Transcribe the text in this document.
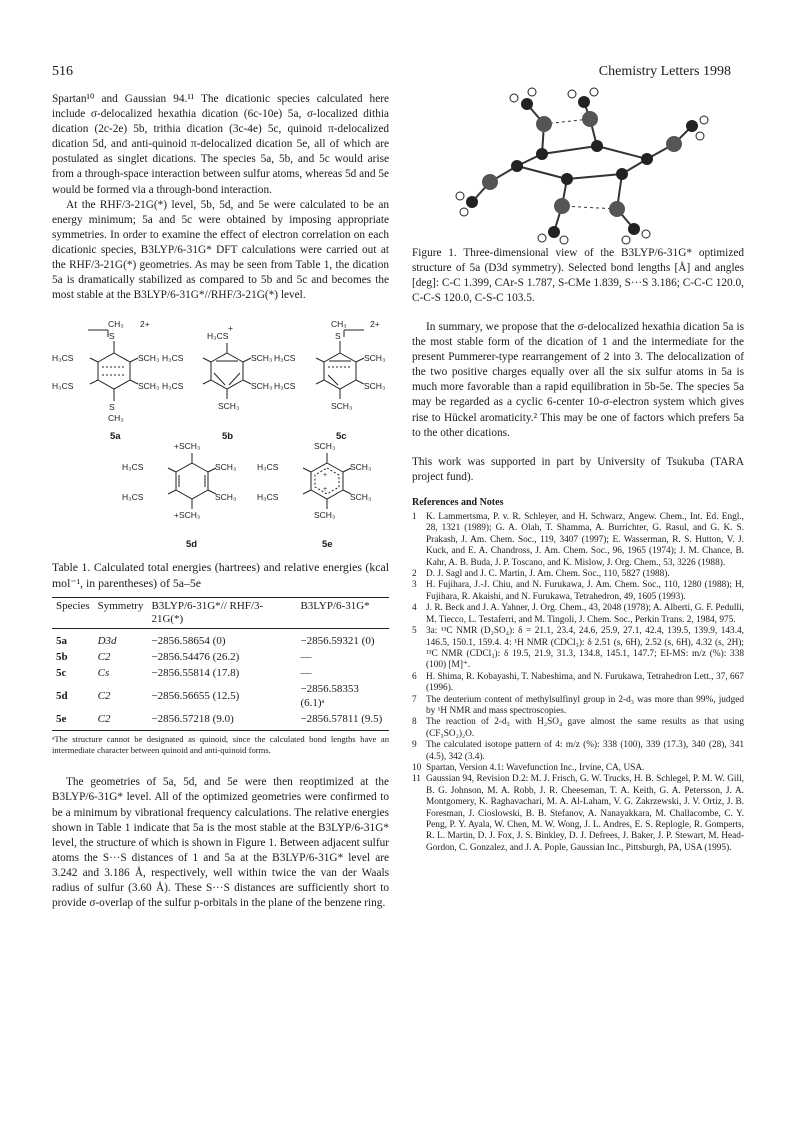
516	Chemistry Letters 1998

Spartan¹⁰ and Gaussian 94.¹¹ The dicationic species calculated here include σ-delocalized hexathia dication (6c-10e) 5a, σ-localized dithia dication (2c-2e) 5b, trithia dication (3c-4e) 5c, quinoid π-delocalized dication 5d, and anti-quinoid π-delocalized dication 5e, all of which are postulated as singlet dications. The species 5a, 5b, and 5c would arise from a through-space interaction between sulfur atoms, whereas 5d and 5e would be formed via a through-bond interaction.

At the RHF/3-21G(*) level, 5b, 5d, and 5e were calculated to be an energy minimum; 5a and 5c were obtained by imposing appropriate symmetries. In order to examine the effect of electron correlation on each dicationic species, B3LYP/6-31G* DFT calculations were carried out at the RHF/3-21G(*) geometries. As may be seen from Table 1, the dication 5a is dramatically stabilized as compared to 5b and 5c and becomes the most stable at the B3LYP/6-31G*//RHF/3-21G(*) level.

CH₃
S
2+
H₃CS	SCH₃
H₃CS	SCH₃
S
CH₃
H₃CS
+
H₃CS	SCH₃
H₃CS	SCH₃
SCH₃
CH₃	2+
S
H₃CS	SCH₃
H₃CS	SCH₃
SCH₃
+SCH₃
H₃CS	SCH₃
H₃CS	SCH₃
+SCH₃
SCH₃
H₃CS	SCH₃
H₃CS	SCH₃
SCH₃
+
+
5a	5b	5c
5d	5e
Table 1. Calculated total energies (hartrees) and relative energies (kcal mol⁻¹, in parentheses) of 5a–5e
Species	Symmetry	B3LYP/6-31G*// RHF/3-21G(*)	B3LYP/6-31G*
5a	D3d	−2856.58654 (0)	−2856.59321 (0)
5b	C2	−2856.54476 (26.2)	—
5c	Cs	−2856.55814 (17.8)	—
5d	C2	−2856.56655 (12.5)	−2856.58353 (6.1)ᵃ
5e	C2	−2856.57218 (9.0)	−2856.57811 (9.5)
ᵃThe structure cannot be designated as quinoid, since the calculated bond lengths have an intermediate character between quinoid and anti-quinoid forms.

The geometries of 5a, 5d, and 5e were then reoptimized at the B3LYP/6-31G* level. All of the optimized geometries were confirmed to be a minimum by vibrational frequency calculations. The relative energies shown in Table 1 indicate that 5a is the most stable at the B3LYP/6-31G* level, the structure of which is shown in Figure 1. Between adjacent sulfur atoms the S···S distances of 1 and 5a at the B3LYP/6-31G* level are 3.242 and 3.186 Å, respectively, well within twice the van der Waals radius of sulfur (3.60 Å). These S···S distances are sufficiently short to provide σ-overlap of the sulfur p-orbitals in the plane of the benzene ring.

Figure 1. Three-dimensional view of the B3LYP/6-31G* optimized structure of 5a (D3d symmetry). Selected bond lengths [Å] and angles [deg]: C-C 1.399, CAr-S 1.787, S-CMe 1.839, S···S 3.186; C-C-C 120.0, C-C-S 120.0, C-S-C 103.5.

In summary, we propose that the σ-delocalized hexathia dication 5a is the most stable form of the dication of 1 and the intermediate for the present Pummerer-type rearrangement of 2 into 3. The delocalization of the two positive charges equally over all the six sulfur atoms in 5a is much more favorable than a rapid equilibration in 5b-5e. The species 5a may be regarded as a cyclic 6-center 10-σ-electron system which gives rise to Hückel aromaticity.² This may be one of factors which prefers 5a to the other dications.

This work was supported in part by University of Tsukuba (TARA project fund).

References and Notes
1 K. Lammertsma, P. v. R. Schleyer, and H. Schwarz, Angew. Chem., Int. Ed. Engl., 28, 1321 (1989); G. A. Olah, T. Shamma, A. Burrichter, G. Rasul, and G. K. S. Prakash, J. Am. Chem. Soc., 119, 3407 (1997); E. Wasserman, R. S. Hutton, V. J. Kuck, and E. A. Chandross, J. Am. Chem. Soc., 96, 1965 (1974); J. M. Chance, B. Kahr, A. B. Buda, J. P. Toscano, and K. Mislow, J. Org. Chem., 53, 3226 (1988).
2 D. J. Sagl and J. C. Martin, J. Am. Chem. Soc., 110, 5827 (1988).
3 H. Fujihara, J.-J. Chiu, and N. Furukawa, J. Am. Chem. Soc., 110, 1280 (1988); H, Fujihara, R. Akaishi, and N. Furukawa, Tetrahedron, 49, 1605 (1993).
4 J. R. Beck and J. A. Yahner, J. Org. Chem., 43, 2048 (1978); A. Alberti, G. F. Pedulli, M. Tiecco, L. Testaferri, and M. Tingoli, J. Chem. Soc., Perkin Trans. 2, 1984, 975.
5 3a: ¹³C NMR (D₂SO₄): δ = 21.1, 23.4, 24.6, 25.9, 27.1, 42.4, 139.5, 139.9, 143.4, 146.5, 150.1, 159.4. 4: ¹H NMR (CDCl₃): δ 2.51 (s, 6H), 2.52 (s, 6H), 4.32 (s, 2H); ¹³C NMR (CDCl₃): δ 19.5, 21.9, 31.3, 134.8, 145.1, 147.7; EI-MS: m/z (%): 338 (100) [M]⁺.
6 H. Shima, R. Kobayashi, T. Nabeshima, and N. Furukawa, Tetrahedron Lett., 37, 667 (1996).
7 The deuterium content of methylsulfinyl group in 2-d₃ was more than 99%, judged by ¹H NMR and mass spectroscopies.
8 The reaction of 2-d₃ with H₂SO₄ gave almost the same results as that using (CF₃SO₂)₂O.
9 The calculated isotope pattern of 4: m/z (%): 338 (100), 339 (17.3), 340 (28), 341 (4.5), 342 (3.4).
10 Spartan, Version 4.1: Wavefunction Inc., Irvine, CA, USA.
11 Gaussian 94, Revision D.2: M. J. Frisch, G. W. Trucks, H. B. Schlegel, P. M. W. Gill, B. G. Johnson, M. A. Robb, J. R. Cheeseman, T. A. Keith, G. A. Petersson, J. A. Montgomery, K. Raghavachari, M. A. Al-Laham, V. G. Zakrzewski, J. V. Ortiz, J. B. Foresman, J. Cioslowski, B. B. Stefanov, A. Nanayakkara, M. Challacombe, C. Y. Peng, P. Y. Ayala, W. Chen, M. W. Wong, J. L. Andres, E. S. Replogle, R. Gomperts, R. L. Martin, D. J. Fox, J. S. Binkley, D. J. Defrees, J. Baker, J. P. Stewart, M. Head-Gordon, C. Gonzalez, and J. A. Pople, Gaussian Inc., Pittsburgh, PA, USA (1995).
